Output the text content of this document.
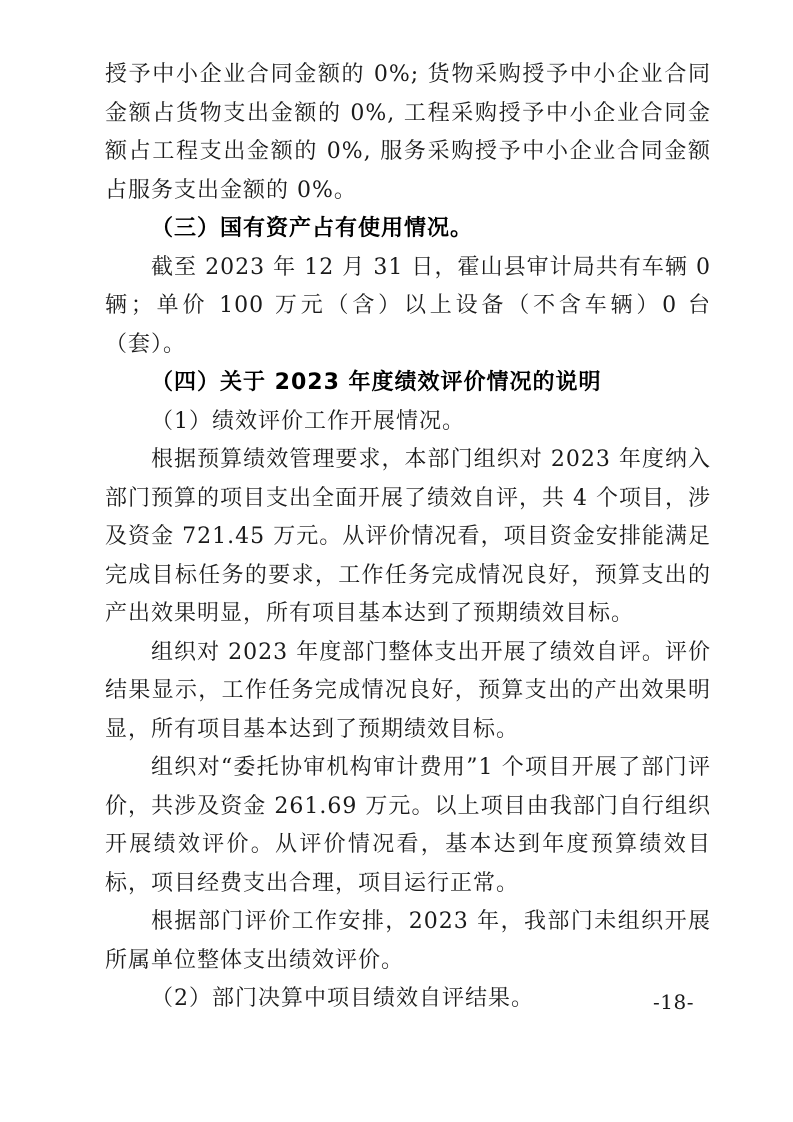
授予中小企业合同金额的 0%; 货物采购授予中小企业合同金额占货物支出金额的 0%, 工程采购授予中小企业合同金额占工程支出金额的 0%, 服务采购授予中小企业合同金额占服务支出金额的 0%。

（三）国有资产占有使用情况。

截至 2023 年 12 月 31 日，霍山县审计局共有车辆 0 辆；单价 100 万元（含）以上设备（不含车辆）0 台（套）。

（四）关于 2023 年度绩效评价情况的说明

（1）绩效评价工作开展情况。

根据预算绩效管理要求，本部门组织对 2023 年度纳入部门预算的项目支出全面开展了绩效自评，共 4 个项目，涉及资金 721.45 万元。从评价情况看，项目资金安排能满足完成目标任务的要求，工作任务完成情况良好，预算支出的产出效果明显，所有项目基本达到了预期绩效目标。

组织对 2023 年度部门整体支出开展了绩效自评。评价结果显示，工作任务完成情况良好，预算支出的产出效果明显，所有项目基本达到了预期绩效目标。

组织对“委托协审机构审计费用”1 个项目开展了部门评价，共涉及资金 261.69 万元。以上项目由我部门自行组织开展绩效评价。从评价情况看，基本达到年度预算绩效目标，项目经费支出合理，项目运行正常。

根据部门评价工作安排，2023 年，我部门未组织开展所属单位整体支出绩效评价。

（2）部门决算中项目绩效自评结果。	-18-
